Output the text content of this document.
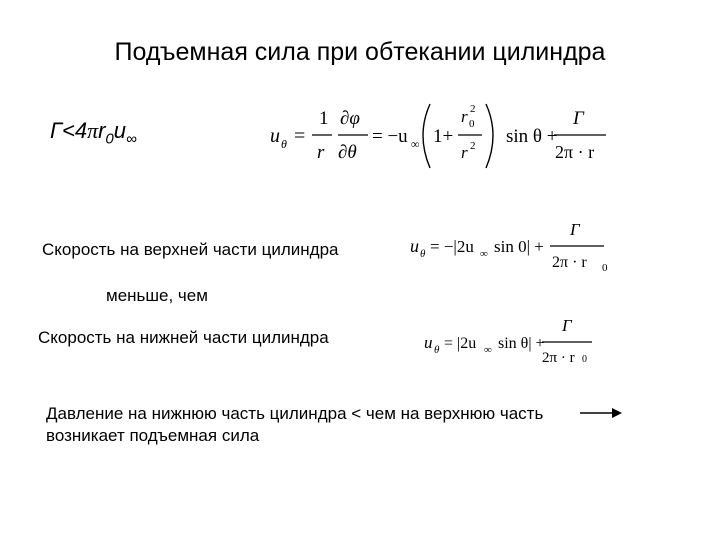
Подъемная сила при обтекании цилиндра
$Г<4\pi r_0u_\infty$	u θ =
1
r
∂φ
∂θ
= −u ∞ 1+
r 0
2
r 2 sin θ +
Г
2π · r
Скорость на верхней части цилиндра	u θ = −|2u ∞ sin 0| +
Г
2π · r 0
меньше, чем
Скорость на нижней части цилиндра	u θ = |2u ∞ sin θ| +
Г
2π · r 0
Давление на нижнюю часть цилиндра < чем на верхнюю часть
возникает подъемная сила
